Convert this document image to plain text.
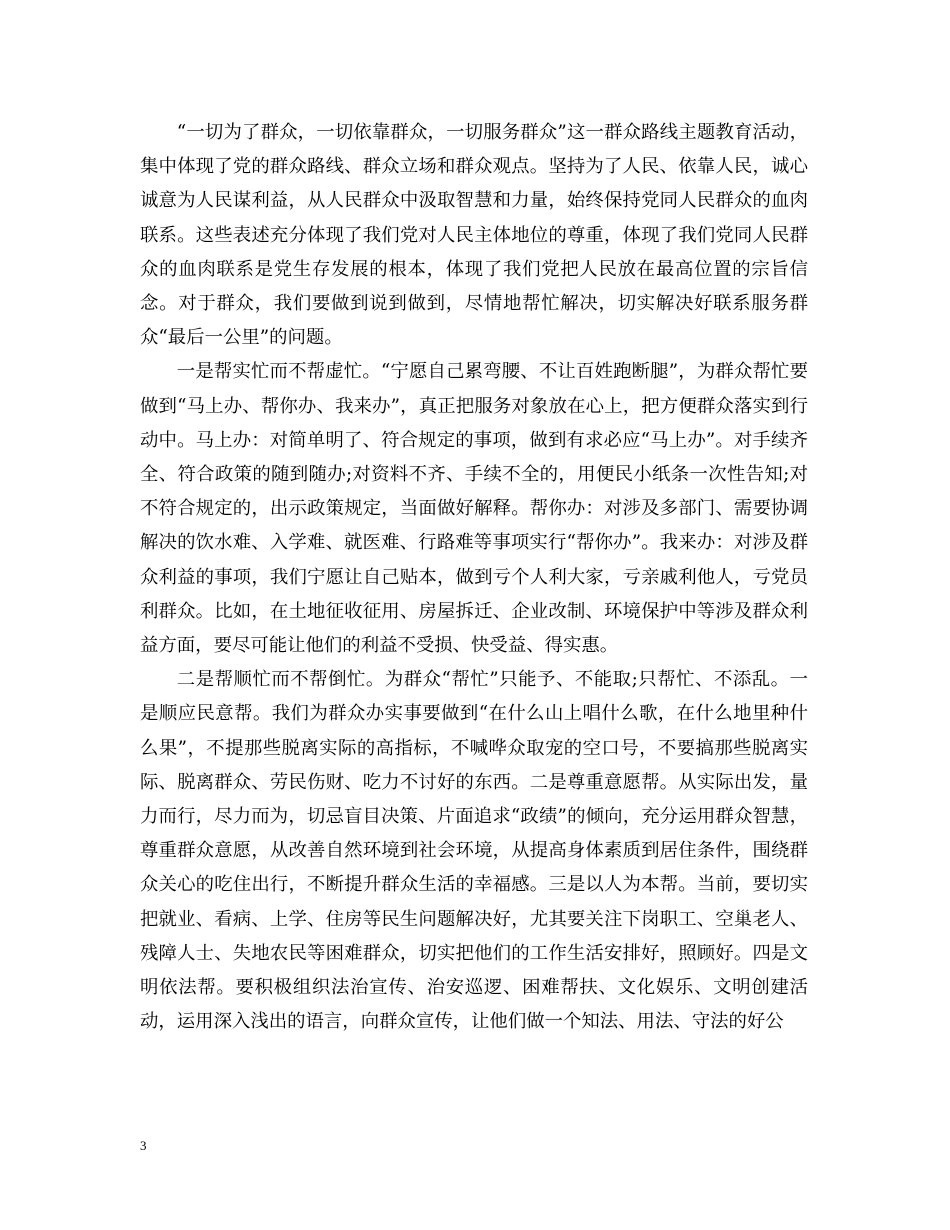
“一切为了群众，一切依靠群众，一切服务群众”这一群众路线主题教育活动，集中体现了党的群众路线、群众立场和群众观点。坚持为了人民、依靠人民，诚心诚意为人民谋利益，从人民群众中汲取智慧和力量，始终保持党同人民群众的血肉联系。这些表述充分体现了我们党对人民主体地位的尊重，体现了我们党同人民群众的血肉联系是党生存发展的根本，体现了我们党把人民放在最高位置的宗旨信念。对于群众，我们要做到说到做到，尽情地帮忙解决，切实解决好联系服务群众“最后一公里”的问题。

一是帮实忙而不帮虚忙。“宁愿自己累弯腰、不让百姓跑断腿”，为群众帮忙要做到“马上办、帮你办、我来办”，真正把服务对象放在心上，把方便群众落实到行动中。马上办：对简单明了、符合规定的事项，做到有求必应“马上办”。对手续齐全、符合政策的随到随办;对资料不齐、手续不全的，用便民小纸条一次性告知;对不符合规定的，出示政策规定，当面做好解释。帮你办：对涉及多部门、需要协调解决的饮水难、入学难、就医难、行路难等事项实行“帮你办”。我来办：对涉及群众利益的事项，我们宁愿让自己贴本，做到亏个人利大家，亏亲戚利他人，亏党员利群众。比如，在土地征收征用、房屋拆迁、企业改制、环境保护中等涉及群众利益方面，要尽可能让他们的利益不受损、快受益、得实惠。

二是帮顺忙而不帮倒忙。为群众“帮忙”只能予、不能取;只帮忙、不添乱。一是顺应民意帮。我们为群众办实事要做到“在什么山上唱什么歌，在什么地里种什么果”，不提那些脱离实际的高指标，不喊哗众取宠的空口号，不要搞那些脱离实际、脱离群众、劳民伤财、吃力不讨好的东西。二是尊重意愿帮。从实际出发，量力而行，尽力而为，切忌盲目决策、片面追求“政绩”的倾向，充分运用群众智慧，尊重群众意愿，从改善自然环境到社会环境，从提高身体素质到居住条件，围绕群众关心的吃住出行，不断提升群众生活的幸福感。三是以人为本帮。当前，要切实把就业、看病、上学、住房等民生问题解决好，尤其要关注下岗职工、空巢老人、残障人士、失地农民等困难群众，切实把他们的工作生活安排好，照顾好。四是文明依法帮。要积极组织法治宣传、治安巡逻、困难帮扶、文化娱乐、文明创建活动，运用深入浅出的语言，向群众宣传，让他们做一个知法、用法、守法的好公

3
